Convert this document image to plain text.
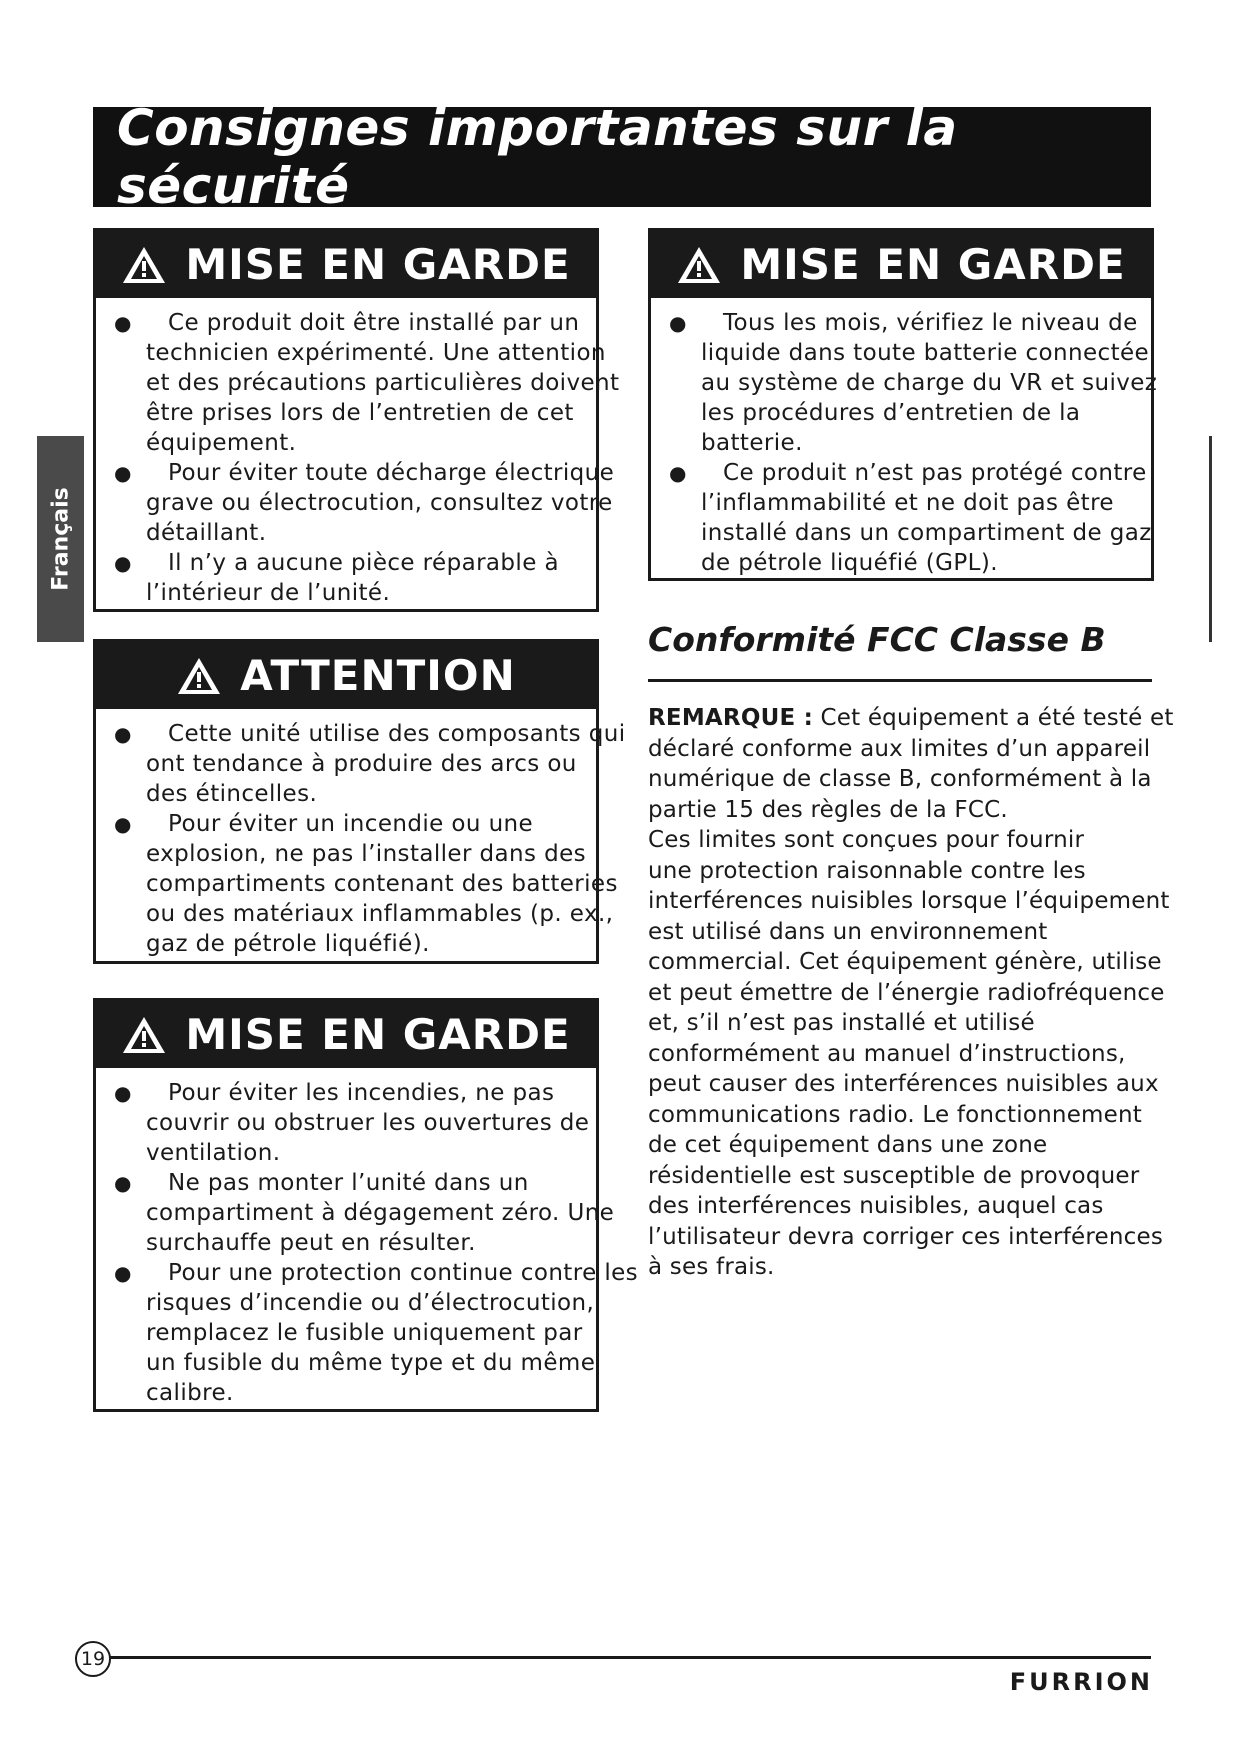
Consignes importantes sur la sécurité
Français
MISE EN GARDE
● Ce produit doit être installé par un
technicien expérimenté. Une attention
et des précautions particulières doivent
être prises lors de l’entretien de cet
équipement.
● Pour éviter toute décharge électrique
grave ou électrocution, consultez votre
détaillant.
● Il n’y a aucune pièce réparable à
l’intérieur de l’unité.
ATTENTION
● Cette unité utilise des composants qui
ont tendance à produire des arcs ou
des étincelles.
● Pour éviter un incendie ou une
explosion, ne pas l’installer dans des
compartiments contenant des batteries
ou des matériaux inflammables (p. ex.,
gaz de pétrole liquéfié).
MISE EN GARDE
● Pour éviter les incendies, ne pas
couvrir ou obstruer les ouvertures de
ventilation.
● Ne pas monter l’unité dans un
compartiment à dégagement zéro. Une
surchauffe peut en résulter.
● Pour une protection continue contre les
risques d’incendie ou d’électrocution,
remplacez le fusible uniquement par
un fusible du même type et du même
calibre.
MISE EN GARDE
● Tous les mois, vérifiez le niveau de
liquide dans toute batterie connectée
au système de charge du VR et suivez
les procédures d’entretien de la
batterie.
● Ce produit n’est pas protégé contre
l’inflammabilité et ne doit pas être
installé dans un compartiment de gaz
de pétrole liquéfié (GPL).
Conformité FCC Classe B
REMARQUE : Cet équipement a été testé et
déclaré conforme aux limites d’un appareil
numérique de classe B, conformément à la
partie 15 des règles de la FCC.
Ces limites sont conçues pour fournir
une protection raisonnable contre les
interférences nuisibles lorsque l’équipement
est utilisé dans un environnement
commercial. Cet équipement génère, utilise
et peut émettre de l’énergie radiofréquence
et, s’il n’est pas installé et utilisé
conformément au manuel d’instructions,
peut causer des interférences nuisibles aux
communications radio. Le fonctionnement
de cet équipement dans une zone
résidentielle est susceptible de provoquer
des interférences nuisibles, auquel cas
l’utilisateur devra corriger ces interférences
à ses frais.
19
FURRION
